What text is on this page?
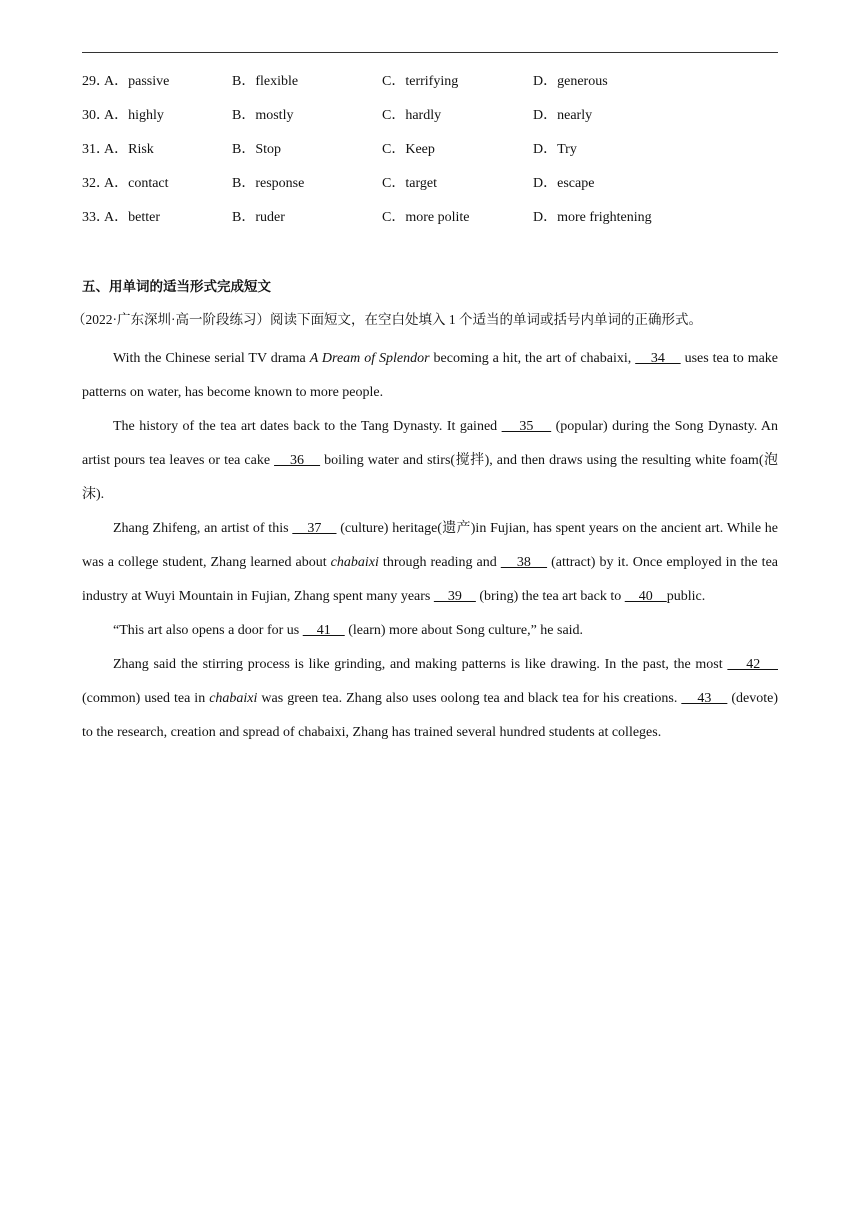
29．
A．passive	B．flexible	C．terrifying	D．generous
30．
A．highly	B．mostly	C．hardly	D．nearly
31．
A．Risk	B．Stop	C．Keep	D．Try
32．
A．contact	B．response	C．target	D．escape
33．
A．better	B．ruder	C．more polite	D．more frightening
五、用单词的适当形式完成短文
（2022·广东深圳·高一阶段练习）阅读下面短文，在空白处填入 1 个适当的单词或括号内单词的正确形式。

With the Chinese serial TV drama A Dream of Splendor becoming a hit, the art of chabaixi,     34     uses tea to make patterns on water, has become known to more people.

The history of the tea art dates back to the Tang Dynasty. It gained     35     (popular) during the Song Dynasty. An artist pours tea leaves or tea cake     36     boiling water and stirs(搅拌), and then draws using the resulting white foam(泡沫).

Zhang Zhifeng, an artist of this     37     (culture) heritage(遗产)in Fujian, has spent years on the ancient art. While he was a college student, Zhang learned about chabaixi through reading and     38     (attract) by it. Once employed in the tea industry at Wuyi Mountain in Fujian, Zhang spent many years     39     (bring) the tea art back to     40    public.

“This art also opens a door for us     41     (learn) more about Song culture,” he said.

Zhang said the stirring process is like grinding, and making patterns is like drawing. In the past, the most     42     (common) used tea in chabaixi was green tea. Zhang also uses oolong tea and black tea for his creations.     43     (devote) to the research, creation and spread of chabaixi, Zhang has trained several hundred students at colleges.
